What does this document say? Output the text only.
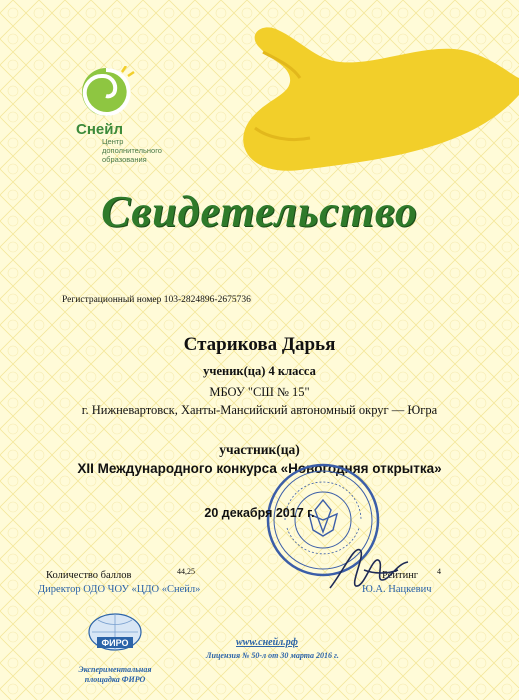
Снейл
Центр
дополнительного
образования
Свидетельство
Регистрационный номер 103-2824896-2675736
Старикова Дарья
ученик(ца) 4 класса
МБОУ "СШ № 15"
г. Нижневартовск, Ханты-Мансийский автономный округ — Югра
участник(ца)
XII Международного конкурса «Новогодняя открытка»
20 декабря 2017 г.
Количество баллов	44,25	Рейтинг 4
Директор ОДО ЧОУ «ЦДО «Снейл»	Ю.А. Нацкевич
ФИРО
Экспериментальная площадка ФИРО
www.снейл.рф
Лицензия № 50-л от 30 марта 2016 г.
